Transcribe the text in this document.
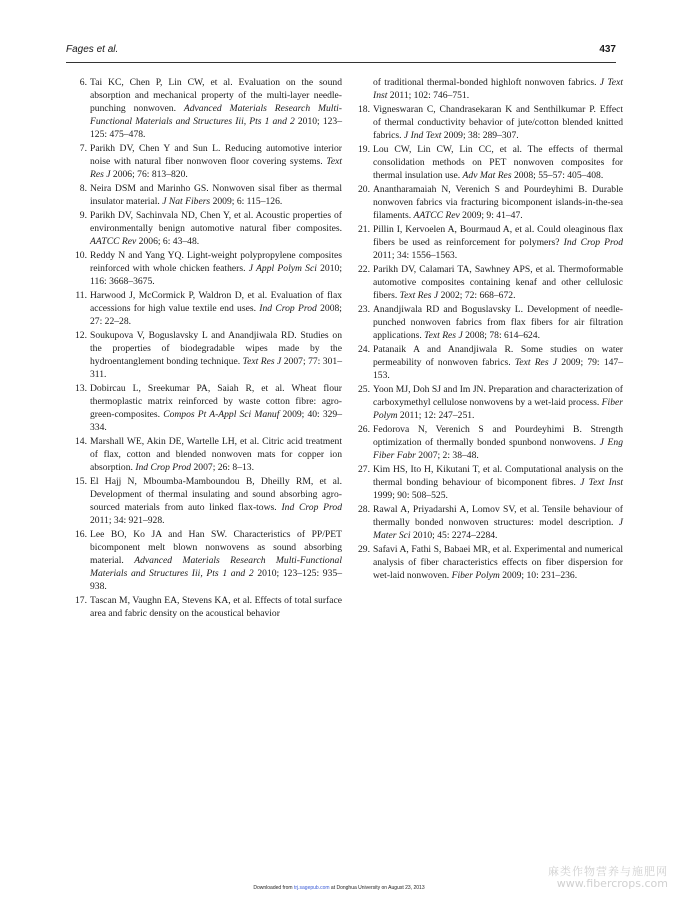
Fages et al.	437
6. Tai KC, Chen P, Lin CW, et al. Evaluation on the sound absorption and mechanical property of the multi-layer needle-punching nonwoven. Advanced Materials Research Multi-Functional Materials and Structures Iii, Pts 1 and 2 2010; 123–125: 475–478.
7. Parikh DV, Chen Y and Sun L. Reducing automotive interior noise with natural fiber nonwoven floor covering systems. Text Res J 2006; 76: 813–820.
8. Neira DSM and Marinho GS. Nonwoven sisal fiber as thermal insulator material. J Nat Fibers 2009; 6: 115–126.
9. Parikh DV, Sachinvala ND, Chen Y, et al. Acoustic properties of environmentally benign automotive natural fiber composites. AATCC Rev 2006; 6: 43–48.
10. Reddy N and Yang YQ. Light-weight polypropylene composites reinforced with whole chicken feathers. J Appl Polym Sci 2010; 116: 3668–3675.
11. Harwood J, McCormick P, Waldron D, et al. Evaluation of flax accessions for high value textile end uses. Ind Crop Prod 2008; 27: 22–28.
12. Soukupova V, Boguslavsky L and Anandjiwala RD. Studies on the properties of biodegradable wipes made by the hydroentanglement bonding technique. Text Res J 2007; 77: 301–311.
13. Dobircau L, Sreekumar PA, Saiah R, et al. Wheat flour thermoplastic matrix reinforced by waste cotton fibre: agro-green-composites. Compos Pt A-Appl Sci Manuf 2009; 40: 329–334.
14. Marshall WE, Akin DE, Wartelle LH, et al. Citric acid treatment of flax, cotton and blended nonwoven mats for copper ion absorption. Ind Crop Prod 2007; 26: 8–13.
15. El Hajj N, Mboumba-Mamboundou B, Dheilly RM, et al. Development of thermal insulating and sound absorbing agro-sourced materials from auto linked flax-tows. Ind Crop Prod 2011; 34: 921–928.
16. Lee BO, Ko JA and Han SW. Characteristics of PP/PET bicomponent melt blown nonwovens as sound absorbing material. Advanced Materials Research Multi-Functional Materials and Structures Iii, Pts 1 and 2 2010; 123–125: 935–938.
17. Tascan M, Vaughn EA, Stevens KA, et al. Effects of total surface area and fabric density on the acoustical behavior
of traditional thermal-bonded highloft nonwoven fabrics. J Text Inst 2011; 102: 746–751.
18. Vigneswaran C, Chandrasekaran K and Senthilkumar P. Effect of thermal conductivity behavior of jute/cotton blended knitted fabrics. J Ind Text 2009; 38: 289–307.
19. Lou CW, Lin CW, Lin CC, et al. The effects of thermal consolidation methods on PET nonwoven composites for thermal insulation use. Adv Mat Res 2008; 55–57: 405–408.
20. Anantharamaiah N, Verenich S and Pourdeyhimi B. Durable nonwoven fabrics via fracturing bicomponent islands-in-the-sea filaments. AATCC Rev 2009; 9: 41–47.
21. Pillin I, Kervoelen A, Bourmaud A, et al. Could oleaginous flax fibers be used as reinforcement for polymers? Ind Crop Prod 2011; 34: 1556–1563.
22. Parikh DV, Calamari TA, Sawhney APS, et al. Thermoformable automotive composites containing kenaf and other cellulosic fibers. Text Res J 2002; 72: 668–672.
23. Anandjiwala RD and Boguslavsky L. Development of needle-punched nonwoven fabrics from flax fibers for air filtration applications. Text Res J 2008; 78: 614–624.
24. Patanaik A and Anandjiwala R. Some studies on water permeability of nonwoven fabrics. Text Res J 2009; 79: 147–153.
25. Yoon MJ, Doh SJ and Im JN. Preparation and characterization of carboxymethyl cellulose nonwovens by a wet-laid process. Fiber Polym 2011; 12: 247–251.
26. Fedorova N, Verenich S and Pourdeyhimi B. Strength optimization of thermally bonded spunbond nonwovens. J Eng Fiber Fabr 2007; 2: 38–48.
27. Kim HS, Ito H, Kikutani T, et al. Computational analysis on the thermal bonding behaviour of bicomponent fibres. J Text Inst 1999; 90: 508–525.
28. Rawal A, Priyadarshi A, Lomov SV, et al. Tensile behaviour of thermally bonded nonwoven structures: model description. J Mater Sci 2010; 45: 2274–2284.
29. Safavi A, Fathi S, Babaei MR, et al. Experimental and numerical analysis of fiber characteristics effects on fiber dispersion for wet-laid nonwoven. Fiber Polym 2009; 10: 231–236.
Downloaded from trj.sagepub.com at Donghua University on August 23, 2013
麻类作物营养与施肥网
www.fibercrops.com
